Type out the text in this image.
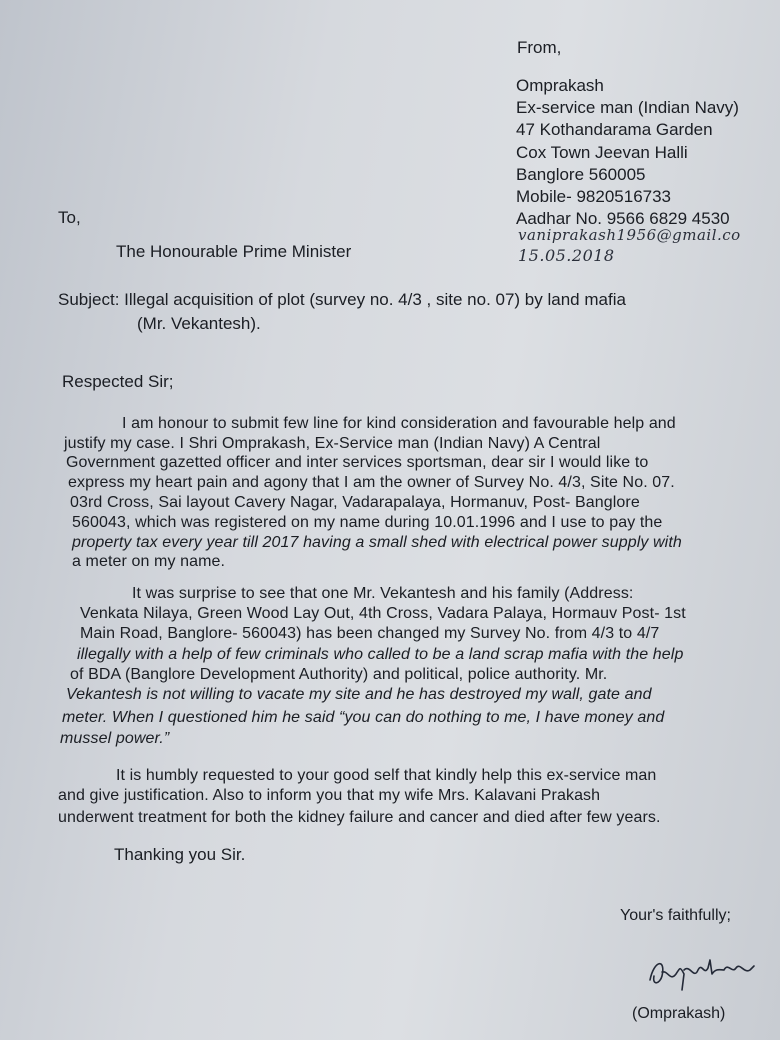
From,
Omprakash
Ex-service man (Indian Navy)
47 Kothandarama Garden
Cox Town Jeevan Halli
Banglore 560005
Mobile- 9820516733
Aadhar No. 9566 6829 4530
vaniprakash1956@gmail.co
15.05.2018
To,
The Honourable Prime Minister
Subject: Illegal acquisition of plot (survey no. 4/3 , site no. 07) by land mafia
(Mr. Vekantesh).
Respected Sir;
I am honour to submit few line for kind consideration and favourable help and
justify my case. I Shri Omprakash, Ex-Service man (Indian Navy) A Central
Government gazetted officer and inter services sportsman, dear sir I would like to
express my heart pain and agony that I am the owner of Survey No. 4/3, Site No. 07.
03rd Cross, Sai layout Cavery Nagar, Vadarapalaya, Hormanuv, Post- Banglore
560043, which was registered on my name during 10.01.1996 and I use to pay the
property tax every year till 2017 having a small shed with electrical power supply with
a meter on my name.
It was surprise to see that one Mr. Vekantesh and his family (Address:
Venkata Nilaya, Green Wood Lay Out, 4th Cross, Vadara Palaya, Hormauv Post- 1st
Main Road, Banglore- 560043) has been changed my Survey No. from 4/3 to 4/7
illegally with a help of few criminals who called to be a land scrap mafia with the help
of BDA (Banglore Development Authority) and political, police authority. Mr.
Vekantesh is not willing to vacate my site and he has destroyed my wall, gate and
meter. When I questioned him he said “you can do nothing to me, I have money and
mussel power.”
It is humbly requested to your good self that kindly help this ex-service man
and give justification. Also to inform you that my wife Mrs. Kalavani Prakash
underwent treatment for both the kidney failure and cancer and died after few years.
Thanking you Sir.
Your's faithfully;
(Omprakash)
